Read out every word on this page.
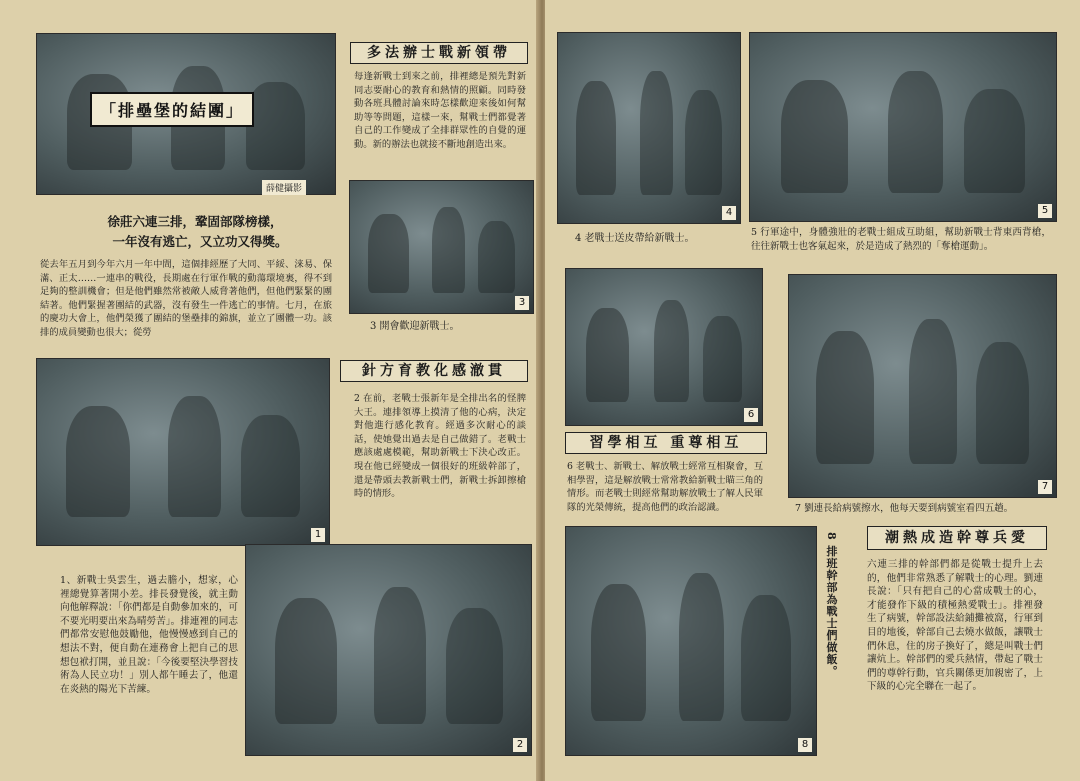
「排壘堡的結團」
薛健攝影
徐莊六連三排，鞏固部隊榜樣，
一年沒有逃亡，又立功又得獎。
從去年五月到今年六月一年中間，這個排經歷了大同、平綏、涞易、保滿、正太……一連串的戰役，長期處在行軍作戰的動蕩環境裏，得不到足夠的整訓機會；但是他們雖然常被敵人威脅著他們，但他們緊緊的團結著。他們緊握著團結的武器，沒有發生一件逃亡的事情。七月，在旅的慶功大會上，他們榮獲了團結的堡壘排的錦旗，並立了團體一功。該排的成員變動也很大；從勞
多法辦士戰新領帶
每逢新戰士到來之前，排裡總是預先對新同志要耐心的教育和熱情的照顧。同時發動各班具體討論來時怎樣歡迎來後如何幫助等等問題，這樣一來，幫戰士們都覺著自己的工作變成了全排群眾性的自覺的運動。新的辦法也就接不斷地創造出來。
3
3 開會歡迎新戰士。
1
針方育教化感澈貫
2 在前，老戰士張新年是全排出名的怪脾大王。連排領導上摸清了他的心病，決定對他進行感化教育。經過多次耐心的談話，使她覺出過去是自己做錯了。老戰士應該處處模範，幫助新戰士下決心改正。現在他已經變成一個很好的班級幹部了，還是帶頭去教新戰士們，新戰士拆卸擦槍時的情形。
1、新戰士吳雲生，過去膽小，想家，心裡總覺算著開小差。排長發覺後，就主動向他解釋說：「你們都是自動參加來的，可不要光明要出來為晴勞苦」。排連裡的同志們都常安慰他鼓勵他，他慢慢感到自己的想法不對，便自動在連務會上把自己的思想包袱打開，並且說：「今後要堅決學習技術為人民立功！」別人都午睡去了，他還在炎熱的陽光下苦練。
2
4
4 老戰士送皮帶給新戰士。
5
5 行軍途中，身體強壯的老戰士組成互助組，幫助新戰士背東西背槍，往往新戰士也客氣起來，於是造成了熱烈的「奪槍運動」。
6
習學相互 重尊相互
6 老戰士、新戰士、解放戰士經常互相聚會，互相學習，這是解放戰士常常教給新戰士瞄三角的情形。而老戰士則經常幫助解放戰士了解人民軍隊的光榮傳統，提高他們的政治認識。
7
7 劉連長給病號擦水，他每天要到病號室看四五趟。
8
8 排班幹部為戰士們做飯。	潮熱成造幹尊兵愛
六連三排的幹部們都是從戰士提升上去的，他們非常熟悉了解戰士的心理。劉連長說：「只有把自己的心當成戰士的心，才能發作下級的積極熱愛戰士」。排裡發生了病號，幹部設法給鋪攤被窩，行軍到目的地後，幹部自己去燒水做飯，讓戰士們休息，住的房子換好了，總是叫戰士們讓炕上。幹部們的愛兵熱情，帶起了戰士們的尊幹行動，官兵關係更加親密了，上下級的心完全聯在一起了。
